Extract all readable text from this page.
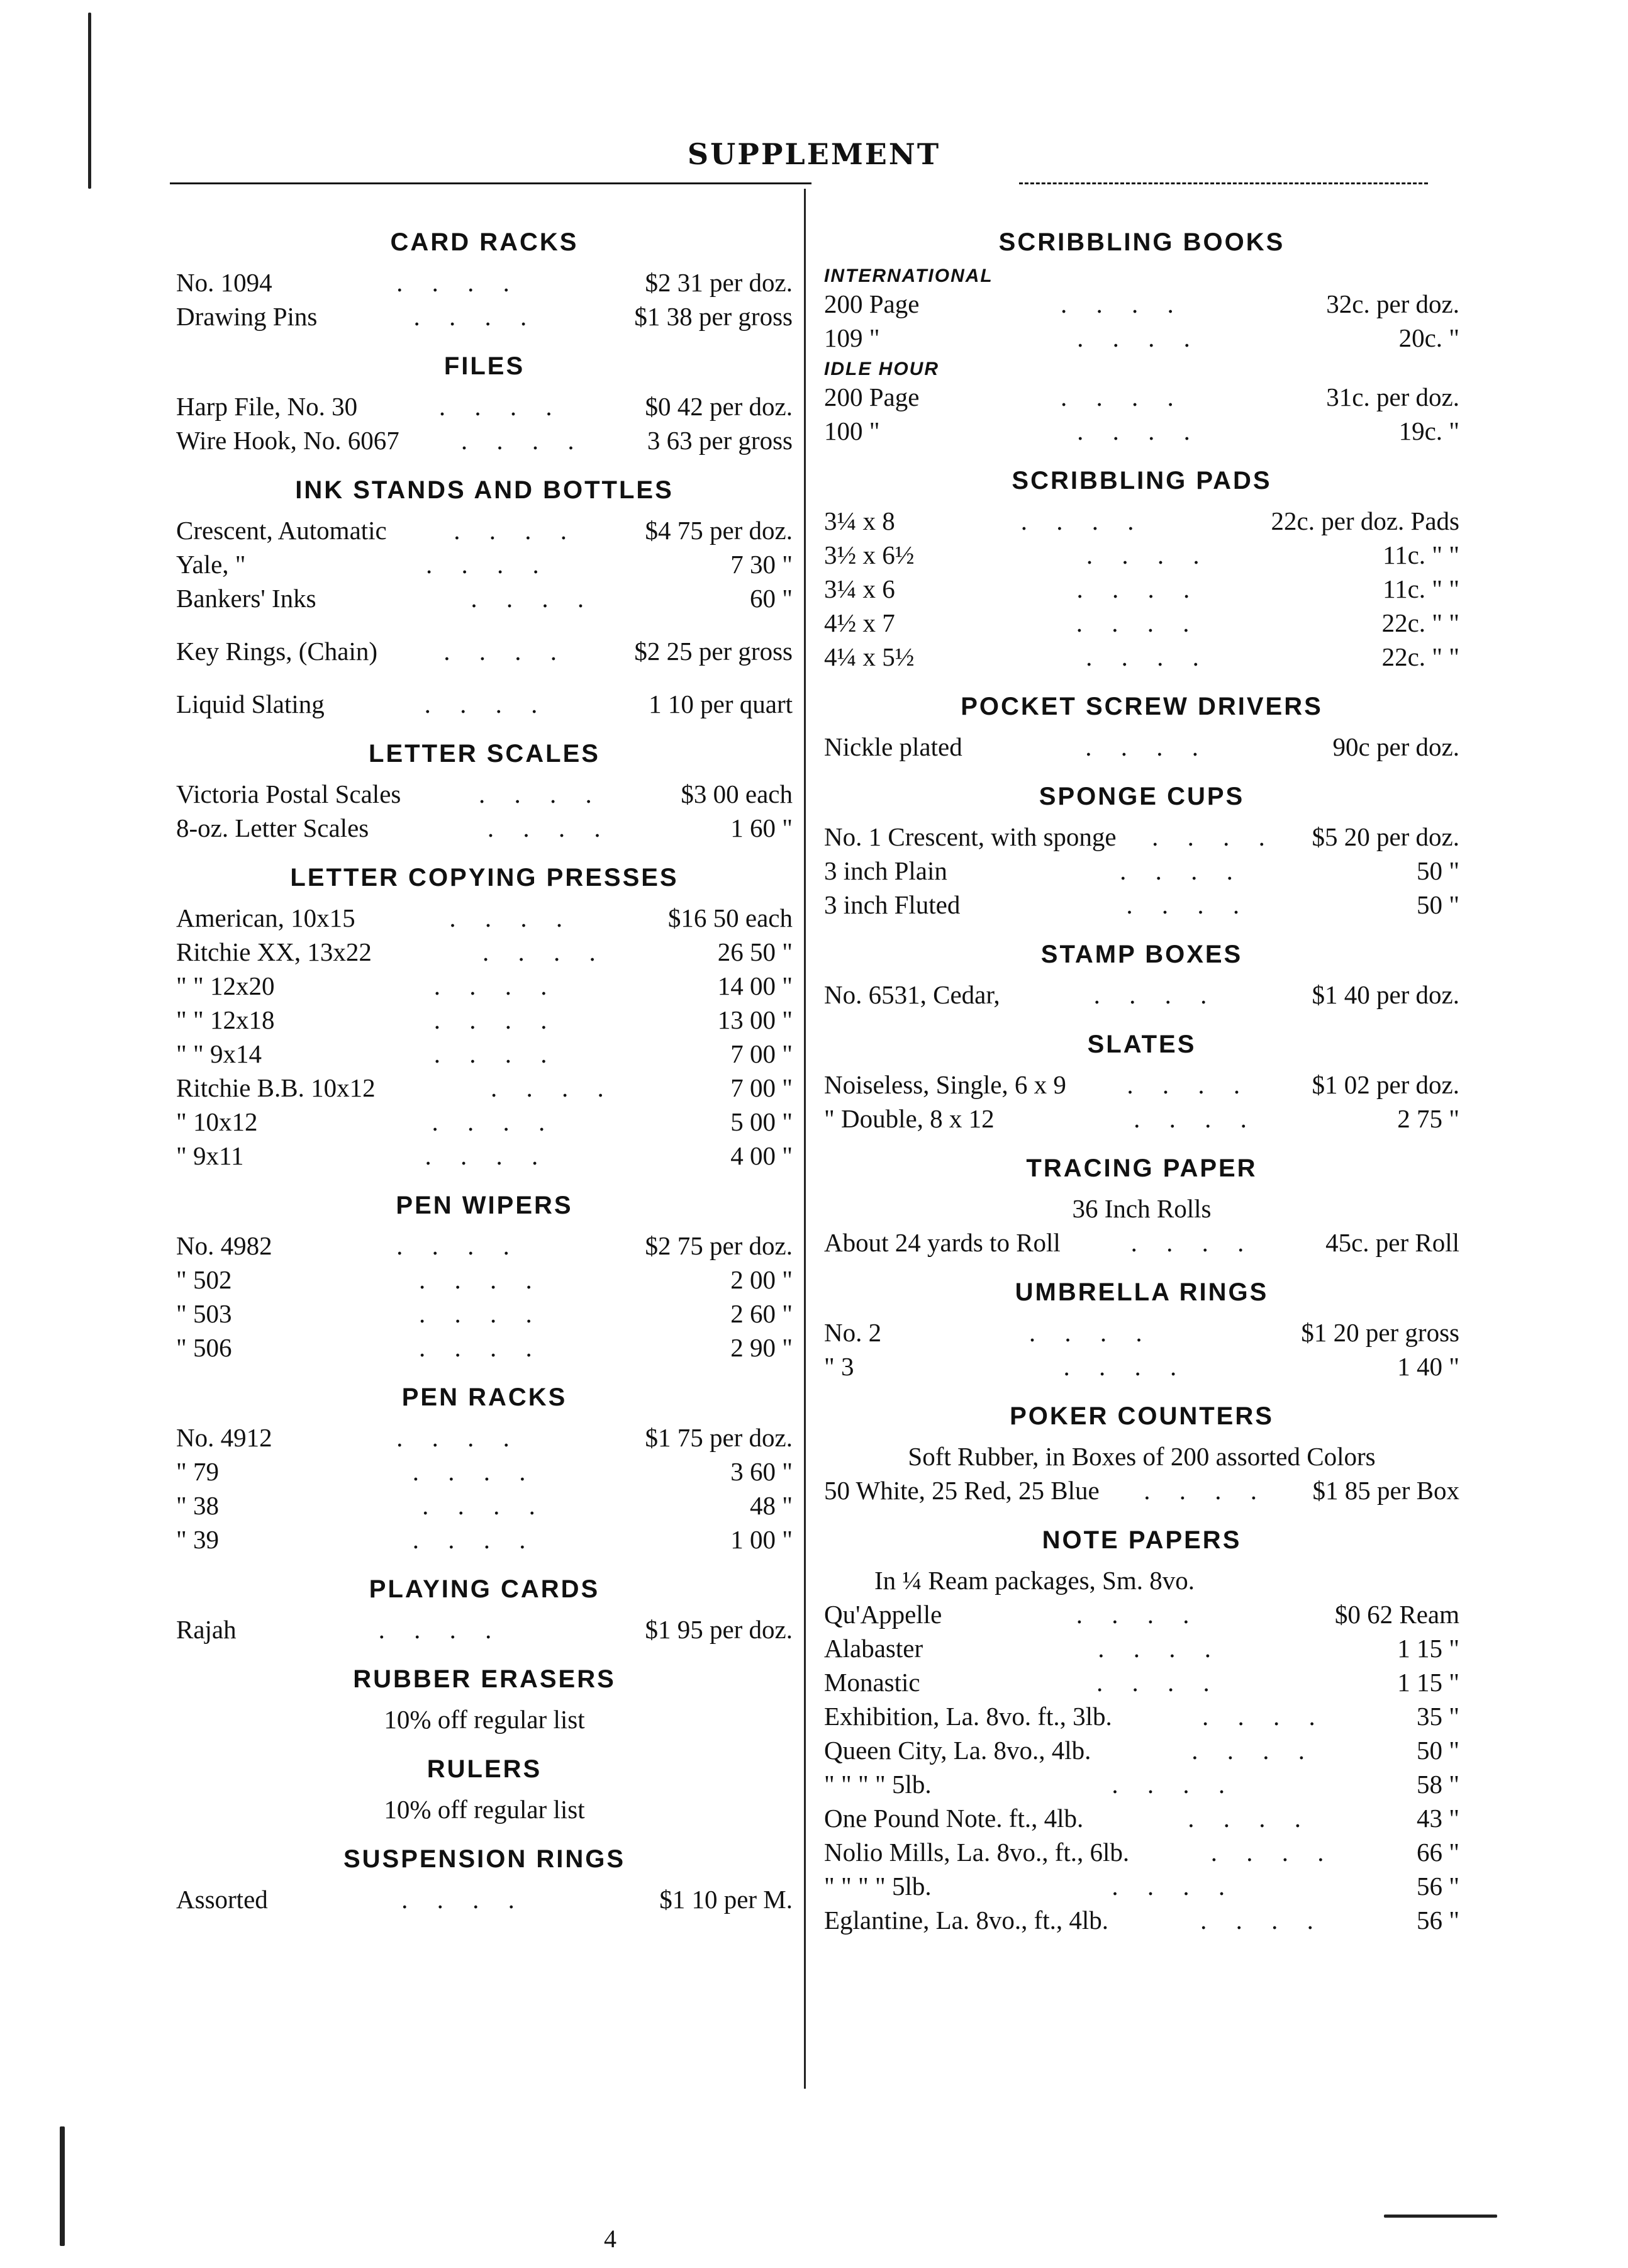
SUPPLEMENT
CARD RACKS
No. 1094	. . . .	$2 31 per doz.
Drawing Pins	. . . .	$1 38 per gross
FILES
Harp File, No. 30	. . . .	$0 42 per doz.
Wire Hook, No. 6067	. . . .	3 63 per gross
INK STANDS AND BOTTLES
Crescent, Automatic	. . . .	$4 75 per doz.
Yale, "	. . . .	7 30 "
Bankers' Inks	. . . .	60 "
Key Rings, (Chain)	. . . .	$2 25 per gross
Liquid Slating	. . . .	1 10 per quart
LETTER SCALES
Victoria Postal Scales	. . . .	$3 00 each
8-oz. Letter Scales	. . . .	1 60 "
LETTER COPYING PRESSES
American, 10x15	. . . .	$16 50 each
Ritchie XX, 13x22	. . . .	26 50 "
" " 12x20	. . . .	14 00 "
" " 12x18	. . . .	13 00 "
" " 9x14	. . . .	7 00 "
Ritchie B.B. 10x12	. . . .	7 00 "
" 10x12	. . . .	5 00 "
" 9x11	. . . .	4 00 "
PEN WIPERS
No. 4982	. . . .	$2 75 per doz.
" 502	. . . .	2 00 "
" 503	. . . .	2 60 "
" 506	. . . .	2 90 "
PEN RACKS
No. 4912	. . . .	$1 75 per doz.
" 79	. . . .	3 60 "
" 38	. . . .	48 "
" 39	. . . .	1 00 "
PLAYING CARDS
Rajah	. . . .	$1 95 per doz.
RUBBER ERASERS
10% off regular list
RULERS
10% off regular list
SUSPENSION RINGS
Assorted	. . . .	$1 10 per M.
SCRIBBLING BOOKS
INTERNATIONAL
200 Page	. . . .	32c. per doz.
109 "	. . . .	20c. "
IDLE HOUR
200 Page	. . . .	31c. per doz.
100 "	. . . .	19c. "
SCRIBBLING PADS
3¼ x 8	. . . .	22c. per doz. Pads
3½ x 6½	. . . .	11c. " "
3¼ x 6	. . . .	11c. " "
4½ x 7	. . . .	22c. " "
4¼ x 5½	. . . .	22c. " "
POCKET SCREW DRIVERS
Nickle plated	. . . .	90c per doz.
SPONGE CUPS
No. 1 Crescent, with sponge	. . . .	$5 20 per doz.
3 inch Plain	. . . .	50 "
3 inch Fluted	. . . .	50 "
STAMP BOXES
No. 6531, Cedar,	. . . .	$1 40 per doz.
SLATES
Noiseless, Single, 6 x 9	. . . .	$1 02 per doz.
" Double, 8 x 12	. . . .	2 75 "
TRACING PAPER
36 Inch Rolls
About 24 yards to Roll	. . . .	45c. per Roll
UMBRELLA RINGS
No. 2	. . . .	$1 20 per gross
" 3	. . . .	1 40 "
POKER COUNTERS
Soft Rubber, in Boxes of 200 assorted Colors
50 White, 25 Red, 25 Blue	. . . .	$1 85 per Box
NOTE PAPERS
In ¼ Ream packages, Sm. 8vo.
Qu'Appelle	. . . .	$0 62 Ream
Alabaster	. . . .	1 15 "
Monastic	. . . .	1 15 "
Exhibition, La. 8vo. ft., 3lb.	. . . .	35 "
Queen City, La. 8vo., 4lb.	. . . .	50 "
" " " " 5lb.	. . . .	58 "
One Pound Note. ft., 4lb.	. . . .	43 "
Nolio Mills, La. 8vo., ft., 6lb.	. . . .	66 "
" " " " 5lb.	. . . .	56 "
Eglantine, La. 8vo., ft., 4lb.	. . . .	56 "
4
